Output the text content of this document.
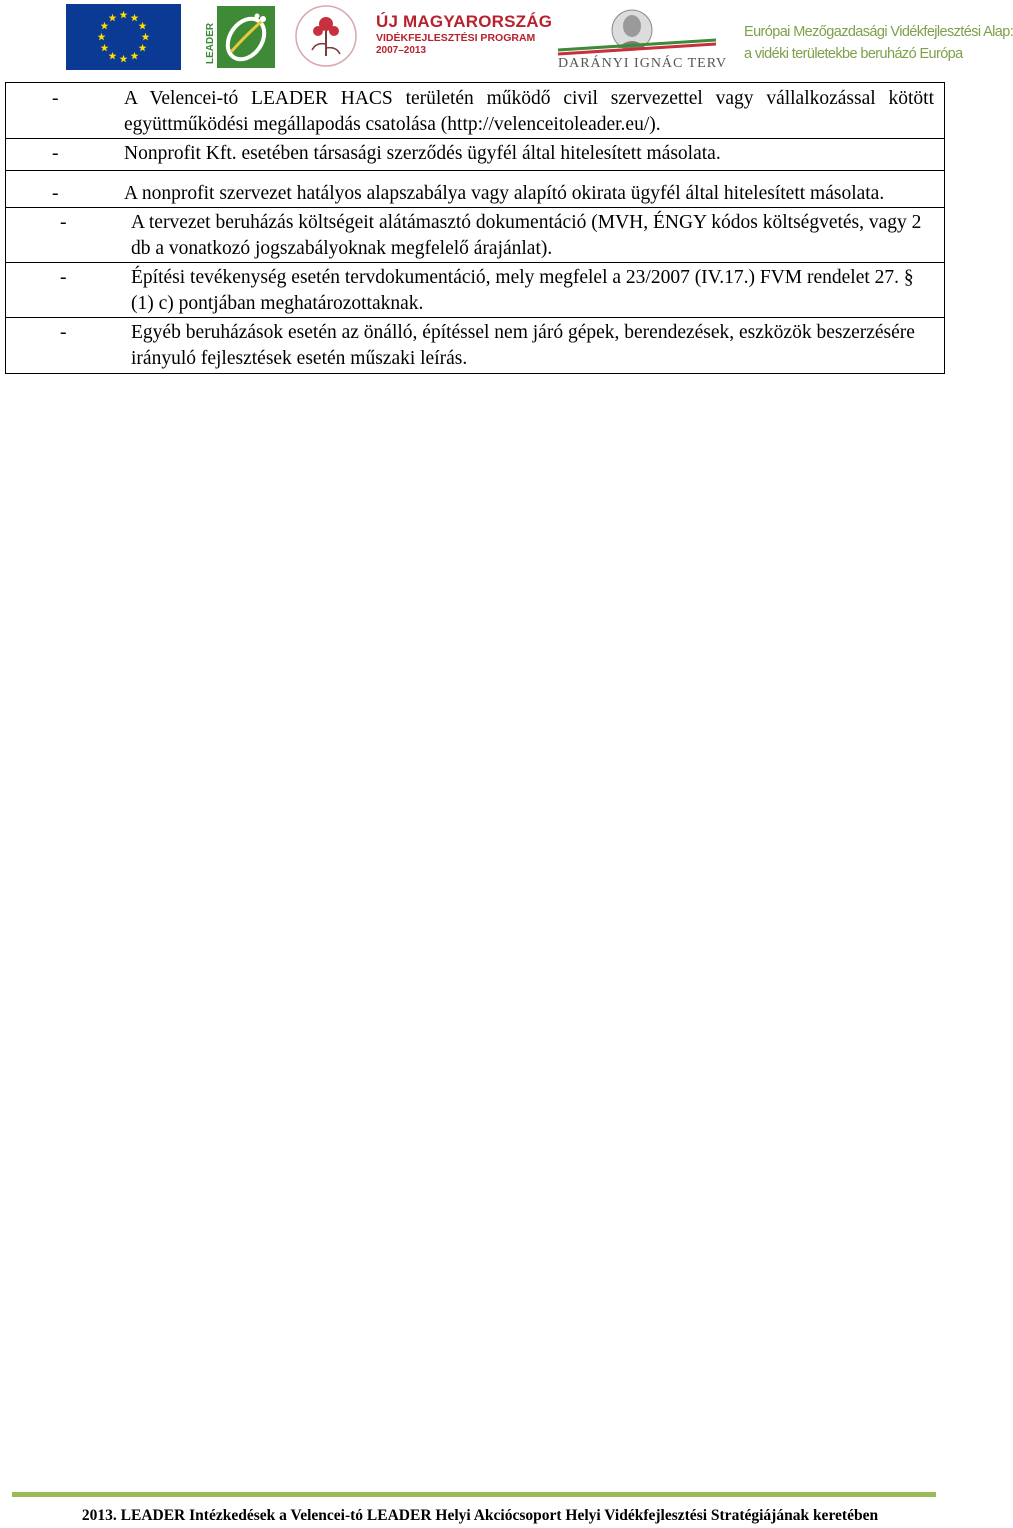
LEADER
ÚJ MAGYARORSZÁG
VIDÉKFEJLESZTÉSI PROGRAM
2007–2013
DARÁNYI IGNÁC TERV
Európai Mezőgazdasági Vidékfejlesztési Alap:
a vidéki területekbe beruházó Európa
-	A Velencei-tó LEADER HACS területén működő civil szervezettel vagy vállalkozással kötött együttműködési megállapodás csatolása (http://velenceitoleader.eu/).

-	Nonprofit Kft. esetében társasági szerződés ügyfél által hitelesített másolata.

-	A nonprofit szervezet hatályos alapszabálya vagy alapító okirata ügyfél által hitelesített másolata.

-	A tervezet beruházás költségeit alátámasztó dokumentáció (MVH, ÉNGY kódos költségvetés, vagy 2 db a vonatkozó jogszabályoknak megfelelő árajánlat).

-	Építési tevékenység esetén tervdokumentáció, mely megfelel a 23/2007 (IV.17.) FVM rendelet 27. § (1) c) pontjában meghatározottaknak.

-	Egyéb beruházások esetén az önálló, építéssel nem járó gépek, berendezések, eszközök beszerzésére irányuló fejlesztések esetén műszaki leírás.
2013. LEADER Intézkedések a Velencei-tó LEADER Helyi Akciócsoport Helyi Vidékfejlesztési Stratégiájának keretében
